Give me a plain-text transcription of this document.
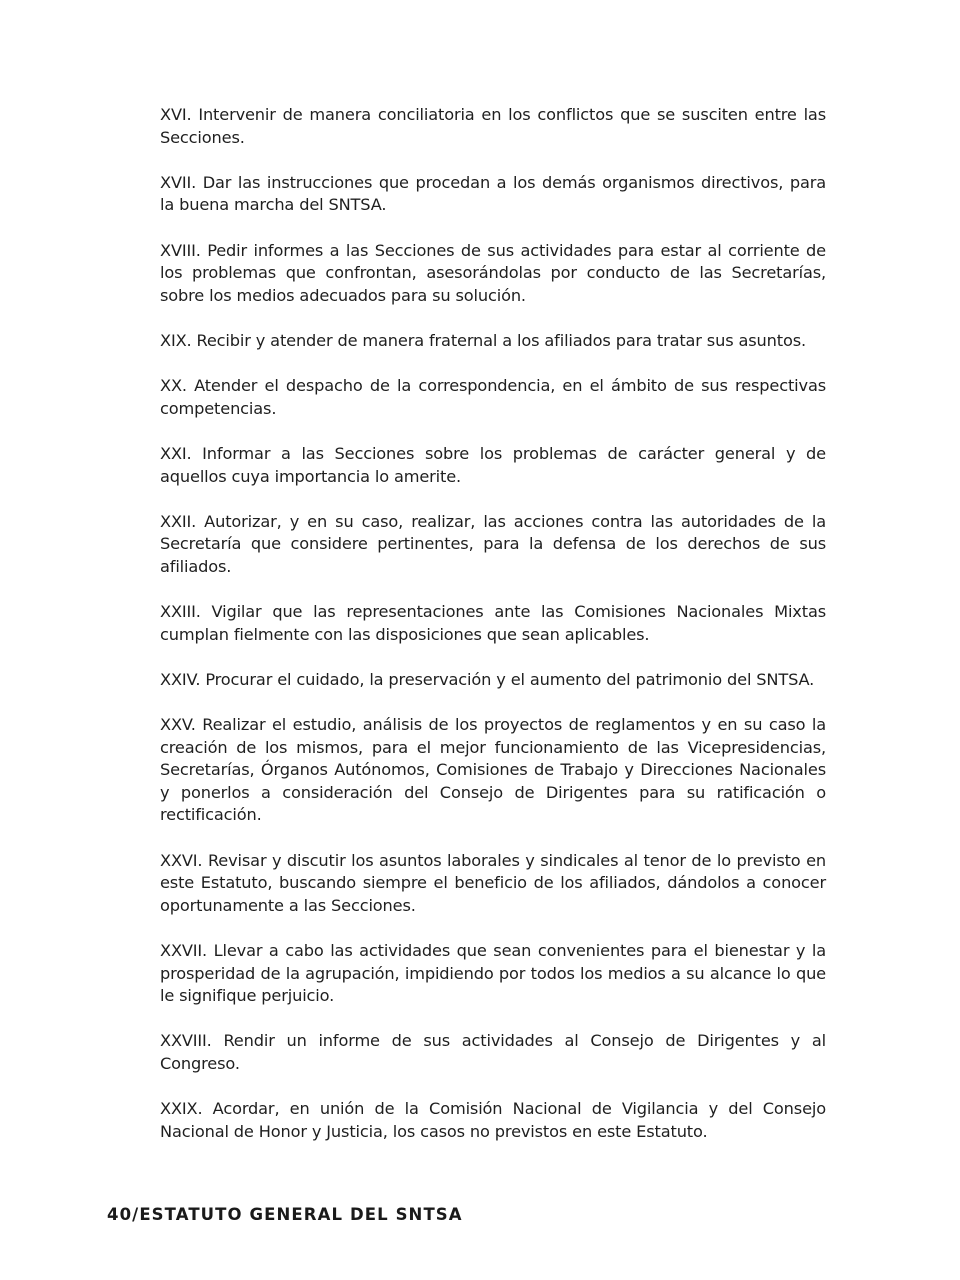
XVI. Intervenir de manera conciliatoria en los conflictos que se susciten entre las Secciones.

XVII. Dar las instrucciones que procedan a los demás organismos directivos, para la buena marcha del SNTSA.

XVIII. Pedir informes a las Secciones de sus actividades para estar al corriente de los problemas que confrontan, asesorándolas por conducto de las Secretarías, sobre los medios adecuados para su solución.

XIX. Recibir y atender de manera fraternal a los afiliados para tratar sus asuntos.

XX. Atender el despacho de la correspondencia, en el ámbito de sus respectivas competencias.

XXI. Informar a las Secciones sobre los problemas de carácter general y de aquellos cuya importancia lo amerite.

XXII. Autorizar, y en su caso, realizar, las acciones contra las autoridades de la Secretaría que considere pertinentes, para la defensa de los derechos de sus afiliados.

XXIII. Vigilar que las representaciones ante las Comisiones Nacionales Mixtas cumplan fielmente con las disposiciones que sean aplicables.

XXIV. Procurar el cuidado, la preservación y el aumento del patrimonio del SNTSA.

XXV. Realizar el estudio, análisis de los proyectos de reglamentos y en su caso la creación de los mismos, para el mejor funcionamiento de las Vicepresidencias, Secretarías, Órganos Autónomos, Comisiones de Trabajo y Direcciones Nacionales y ponerlos a consideración del Consejo de Dirigentes para su ratificación o rectificación.

XXVI. Revisar y discutir los asuntos laborales y sindicales al tenor de lo previsto en este Estatuto, buscando siempre el beneficio de los afiliados, dándolos a conocer oportunamente a las Secciones.

XXVII. Llevar a cabo las actividades que sean convenientes para el bienestar y la prosperidad de la agrupación, impidiendo por todos los medios a su alcance lo que le signifique perjuicio.

XXVIII. Rendir un informe de sus actividades al Consejo de Dirigentes y al Congreso.

XXIX. Acordar, en unión de la Comisión Nacional de Vigilancia y del Consejo Nacional de Honor y Justicia, los casos no previstos en este Estatuto.

40/ESTATUTO GENERAL DEL SNTSA
